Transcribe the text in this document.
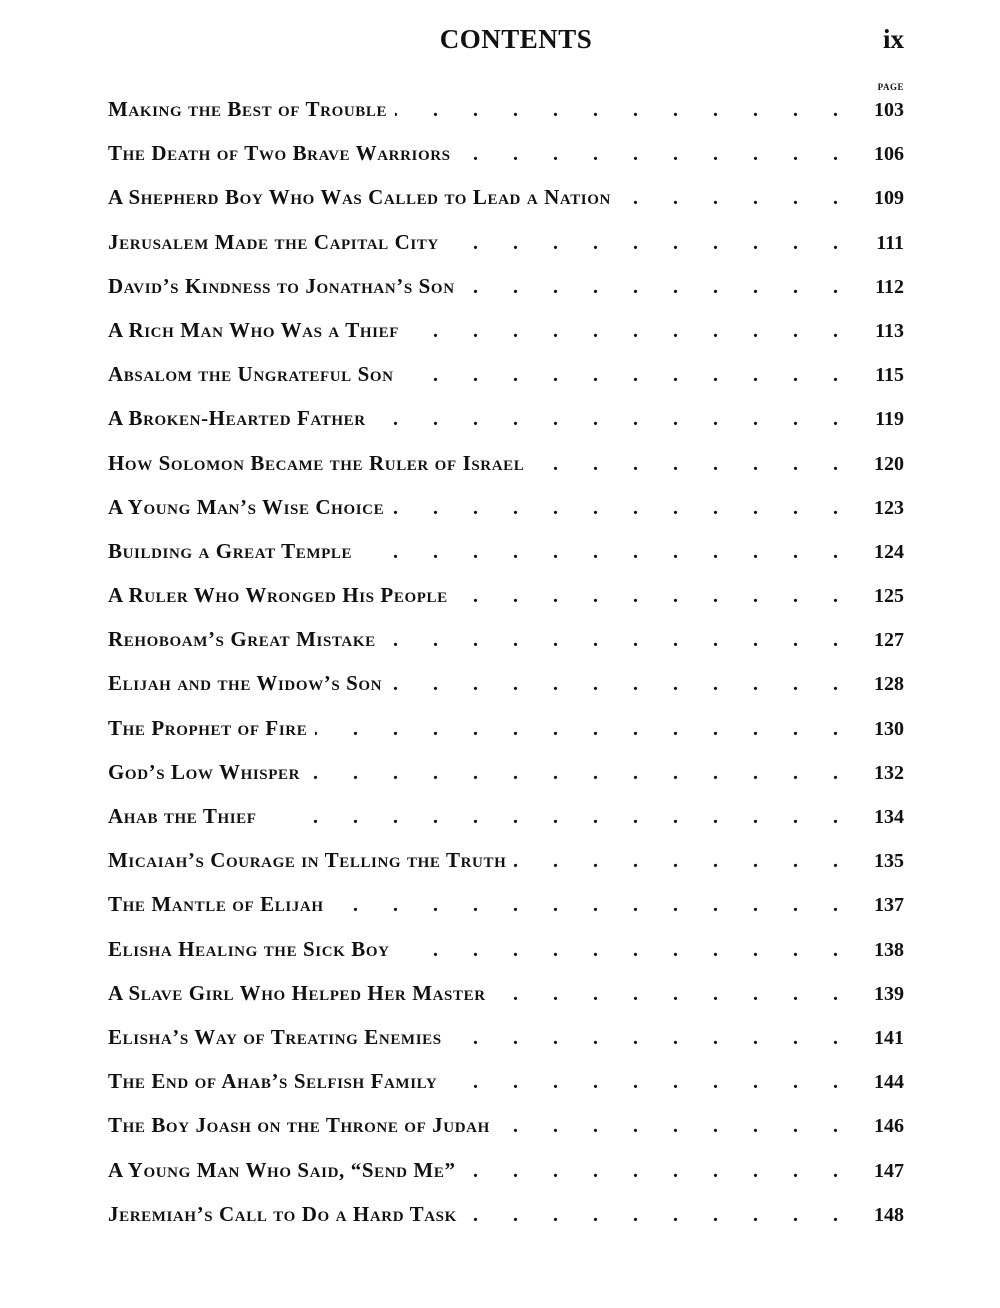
CONTENTS	ix
PAGE
Making the Best of Trouble .	103
The Death of Two Brave Warriors .	106
A Shepherd Boy Who Was Called to Lead a Nation .	109
Jerusalem Made the Capital City .	111
David’s Kindness to Jonathan’s Son .	112
A Rich Man Who Was a Thief .	113
Absalom the Ungrateful Son .	115
A Broken-Hearted Father .	119
How Solomon Became the Ruler of Israel .	120
A Young Man’s Wise Choice .	123
Building a Great Temple .	124
A Ruler Who Wronged His People .	125
Rehoboam’s Great Mistake .	127
Elijah and the Widow’s Son .	128
The Prophet of Fire .	130
God’s Low Whisper .	132
Ahab the Thief .	134
Micaiah’s Courage in Telling the Truth .	135
The Mantle of Elijah .	137
Elisha Healing the Sick Boy .	138
A Slave Girl Who Helped Her Master .	139
Elisha’s Way of Treating Enemies .	141
The End of Ahab’s Selfish Family .	144
The Boy Joash on the Throne of Judah .	146
A Young Man Who Said, “Send Me” .	147
Jeremiah’s Call to Do a Hard Task .	148
